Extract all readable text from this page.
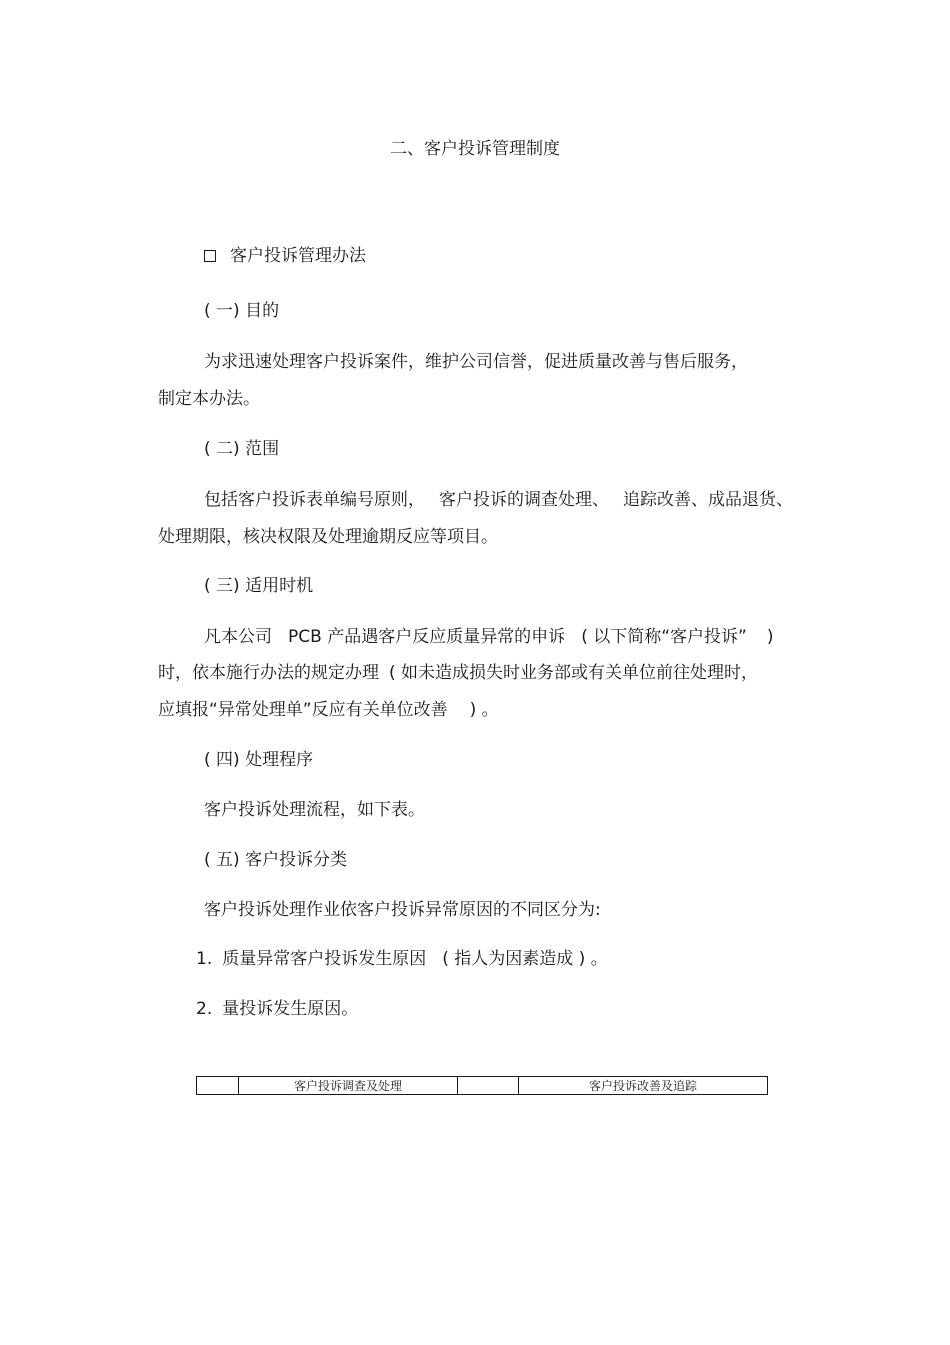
二、客户投诉管理制度
客户投诉管理办法
( 一) 目的
为求迅速处理客户投诉案件，维护公司信誉，促进质量改善与售后服务，
制定本办法。
( 二) 范围
包括客户投诉表单编号原则， 客户投诉的调查处理、 追踪改善、成品退货、
处理期限，核决权限及处理逾期反应等项目。
( 三) 适用时机
凡本公司 PCB 产品遇客户反应质量异常的申诉 ( 以下简称“客户投诉” )
时，依本施行办法的规定办理 ( 如未造成损失时业务部或有关单位前往处理时，
应填报“异常处理单”反应有关单位改善 ) 。
( 四) 处理程序
客户投诉处理流程，如下表。
( 五) 客户投诉分类
客户投诉处理作业依客户投诉异常原因的不同区分为:
1. 质量异常客户投诉发生原因 ( 指人为因素造成 ) 。
2. 量投诉发生原因。
	客户投诉调查及处理		客户投诉改善及追踪
